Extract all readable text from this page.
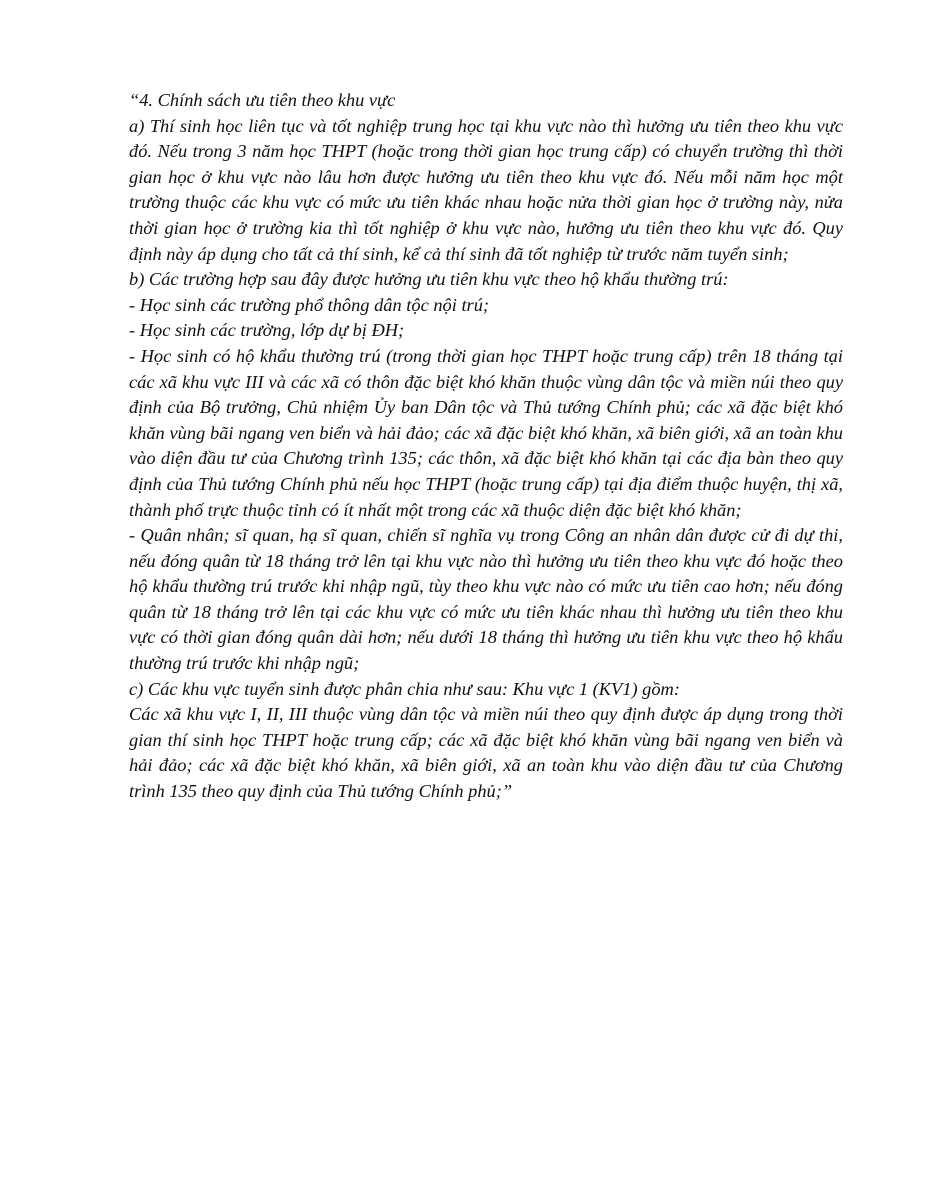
“4. Chính sách ưu tiên theo khu vực

a) Thí sinh học liên tục và tốt nghiệp trung học tại khu vực nào thì hưởng ưu tiên theo khu vực đó. Nếu trong 3 năm học THPT (hoặc trong thời gian học trung cấp) có chuyển trường thì thời gian học ở khu vực nào lâu hơn được hưởng ưu tiên theo khu vực đó. Nếu mỗi năm học một trường thuộc các khu vực có mức ưu tiên khác nhau hoặc nửa thời gian học ở trường này, nửa thời gian học ở trường kia thì tốt nghiệp ở khu vực nào, hưởng ưu tiên theo khu vực đó. Quy định này áp dụng cho tất cả thí sinh, kể cả thí sinh đã tốt nghiệp từ trước năm tuyển sinh;

b) Các trường hợp sau đây được hưởng ưu tiên khu vực theo hộ khẩu thường trú:

- Học sinh các trường phổ thông dân tộc nội trú;

- Học sinh các trường, lớp dự bị ĐH;

- Học sinh có hộ khẩu thường trú (trong thời gian học THPT hoặc trung cấp) trên 18 tháng tại các xã khu vực III và các xã có thôn đặc biệt khó khăn thuộc vùng dân tộc và miền núi theo quy định của Bộ trưởng, Chủ nhiệm Ủy ban Dân tộc và Thủ tướng Chính phủ; các xã đặc biệt khó khăn vùng bãi ngang ven biển và hải đảo; các xã đặc biệt khó khăn, xã biên giới, xã an toàn khu vào diện đầu tư của Chương trình 135; các thôn, xã đặc biệt khó khăn tại các địa bàn theo quy định của Thủ tướng Chính phủ nếu học THPT (hoặc trung cấp) tại địa điểm thuộc huyện, thị xã, thành phố trực thuộc tỉnh có ít nhất một trong các xã thuộc diện đặc biệt khó khăn;

- Quân nhân; sĩ quan, hạ sĩ quan, chiến sĩ nghĩa vụ trong Công an nhân dân được cử đi dự thi, nếu đóng quân từ 18 tháng trở lên tại khu vực nào thì hưởng ưu tiên theo khu vực đó hoặc theo hộ khẩu thường trú trước khi nhập ngũ, tùy theo khu vực nào có mức ưu tiên cao hơn; nếu đóng quân từ 18 tháng trở lên tại các khu vực có mức ưu tiên khác nhau thì hưởng ưu tiên theo khu vực có thời gian đóng quân dài hơn; nếu dưới 18 tháng thì hưởng ưu tiên khu vực theo hộ khẩu thường trú trước khi nhập ngũ;

c) Các khu vực tuyển sinh được phân chia như sau: Khu vực 1 (KV1) gồm:

Các xã khu vực I, II, III thuộc vùng dân tộc và miền núi theo quy định được áp dụng trong thời gian thí sinh học THPT hoặc trung cấp; các xã đặc biệt khó khăn vùng bãi ngang ven biển và hải đảo; các xã đặc biệt khó khăn, xã biên giới, xã an toàn khu vào diện đầu tư của Chương trình 135 theo quy định của Thủ tướng Chính phủ;”
